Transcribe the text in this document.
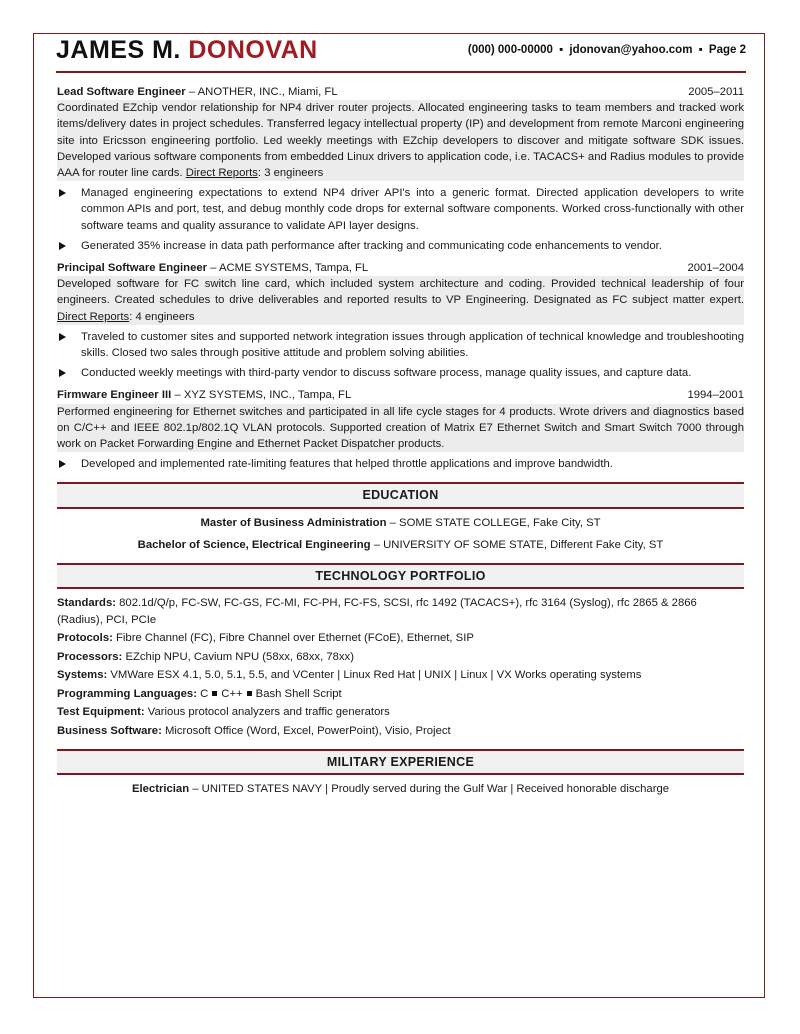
JAMES M. DONOVAN	(000) 000-00000 ▪ jdonovan@yahoo.com ▪ Page 2
Lead Software Engineer – ANOTHER, INC., Miami, FL	2005–2011
Coordinated EZchip vendor relationship for NP4 driver router projects. Allocated engineering tasks to team members and tracked work items/delivery dates in project schedules. Transferred legacy intellectual property (IP) and development from remote Marconi engineering site into Ericsson engineering portfolio. Led weekly meetings with EZchip developers to discover and mitigate software SDK issues. Developed various software components from embedded Linux drivers to application code, i.e. TACACS+ and Radius modules to provide AAA for router line cards. Direct Reports: 3 engineers
Managed engineering expectations to extend NP4 driver API's into a generic format. Directed application developers to write common APIs and port, test, and debug monthly code drops for external software components. Worked cross-functionally with other software teams and quality assurance to validate API layer designs.
Generated 35% increase in data path performance after tracking and communicating code enhancements to vendor.
Principal Software Engineer – ACME SYSTEMS, Tampa, FL	2001–2004
Developed software for FC switch line card, which included system architecture and coding. Provided technical leadership of four engineers. Created schedules to drive deliverables and reported results to VP Engineering. Designated as FC subject matter expert. Direct Reports: 4 engineers
Traveled to customer sites and supported network integration issues through application of technical knowledge and troubleshooting skills. Closed two sales through positive attitude and problem solving abilities.
Conducted weekly meetings with third-party vendor to discuss software process, manage quality issues, and capture data.
Firmware Engineer III – XYZ SYSTEMS, INC., Tampa, FL	1994–2001
Performed engineering for Ethernet switches and participated in all life cycle stages for 4 products. Wrote drivers and diagnostics based on C/C++ and IEEE 802.1p/802.1Q VLAN protocols. Supported creation of Matrix E7 Ethernet Switch and Smart Switch 7000 through work on Packet Forwarding Engine and Ethernet Packet Dispatcher products.
Developed and implemented rate-limiting features that helped throttle applications and improve bandwidth.
EDUCATION
Master of Business Administration – SOME STATE COLLEGE, Fake City, ST
Bachelor of Science, Electrical Engineering – UNIVERSITY OF SOME STATE, Different Fake City, ST
TECHNOLOGY PORTFOLIO
Standards: 802.1d/Q/p, FC-SW, FC-GS, FC-MI, FC-PH, FC-FS, SCSI, rfc 1492 (TACACS+), rfc 3164 (Syslog), rfc 2865 & 2866 (Radius), PCI, PCIe
Protocols: Fibre Channel (FC), Fibre Channel over Ethernet (FCoE), Ethernet, SIP
Processors: EZchip NPU, Cavium NPU (58xx, 68xx, 78xx)
Systems: VMWare ESX 4.1, 5.0, 5.1, 5.5, and VCenter | Linux Red Hat | UNIX | Linux | VX Works operating systems
Programming Languages: C C++ Bash Shell Script
Test Equipment: Various protocol analyzers and traffic generators
Business Software: Microsoft Office (Word, Excel, PowerPoint), Visio, Project
MILITARY EXPERIENCE
Electrician – UNITED STATES NAVY | Proudly served during the Gulf War | Received honorable discharge
